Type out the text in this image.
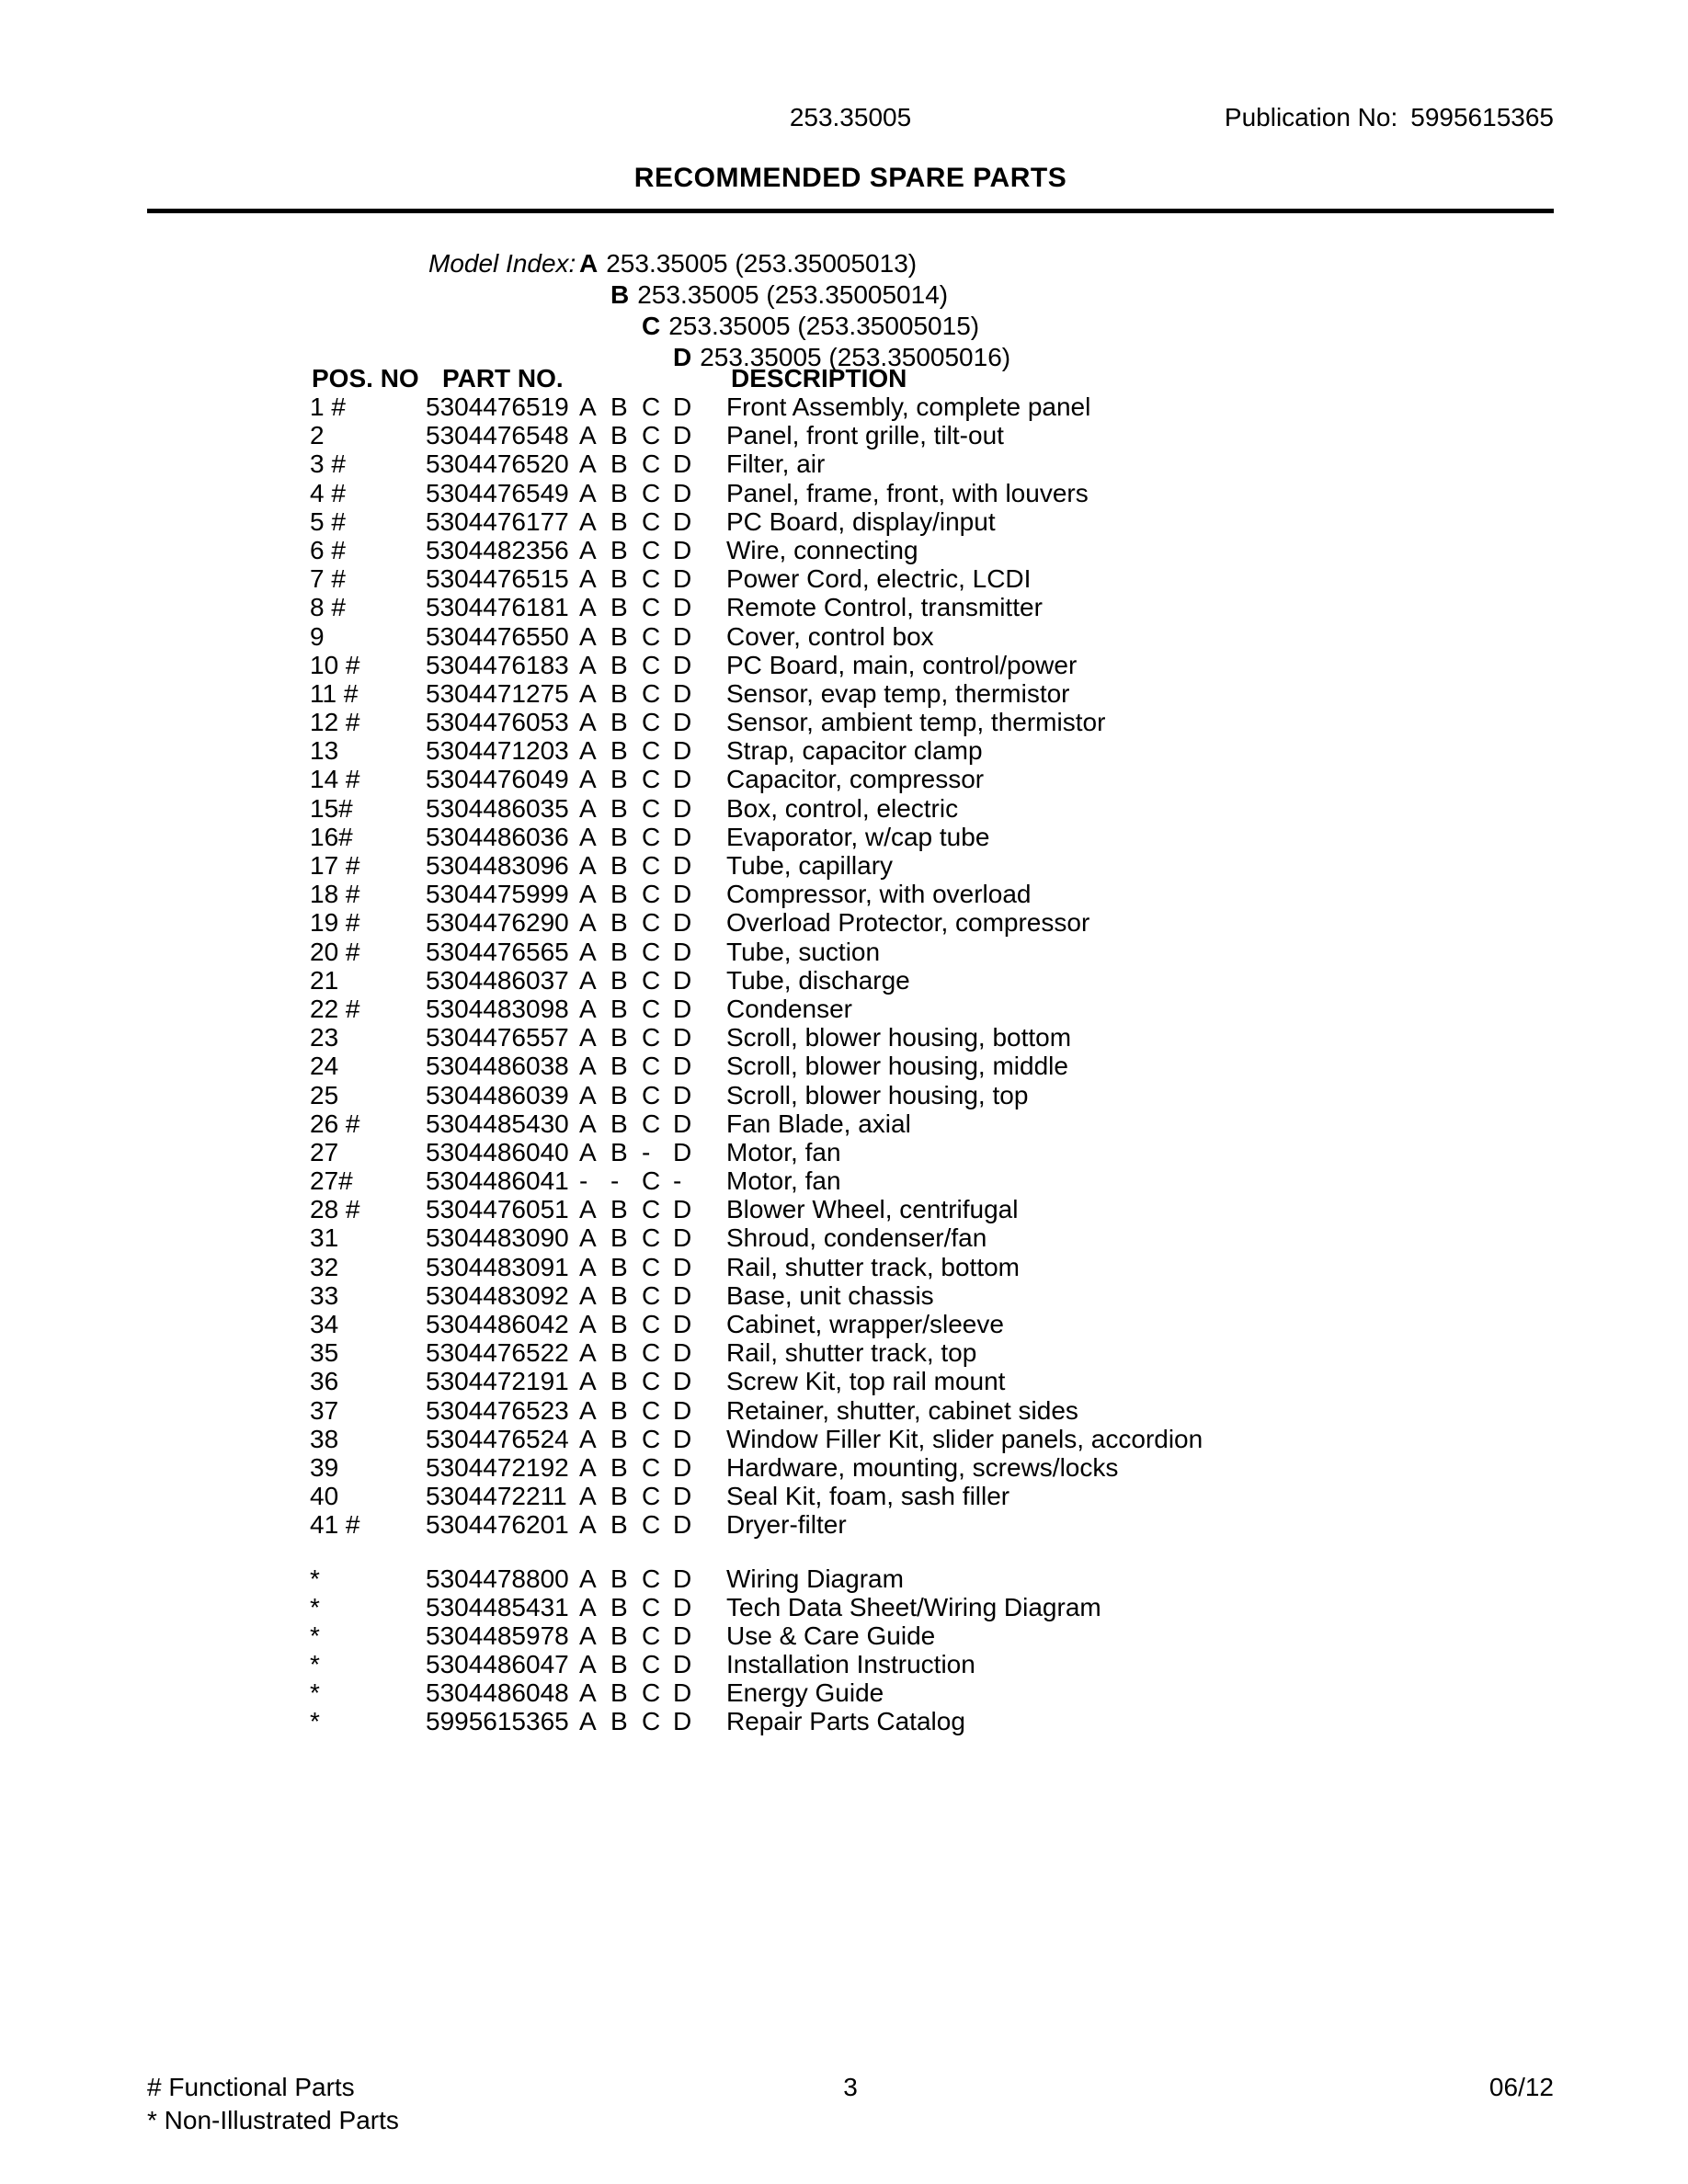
253.35005	Publication No: 5995615365
RECOMMENDED SPARE PARTS
Model Index: A 253.35005 (253.35005013)
B 253.35005 (253.35005014)
C 253.35005 (253.35005015)
D 253.35005 (253.35005016)
POS. NO PART NO.	DESCRIPTION
1 #	5304476519 A B C D	Front Assembly, complete panel
2	5304476548 A B C D	Panel, front grille, tilt-out
3 #	5304476520 A B C D	Filter, air
4 #	5304476549 A B C D	Panel, frame, front, with louvers
5 #	5304476177 A B C D	PC Board, display/input
6 #	5304482356 A B C D	Wire, connecting
7 #	5304476515 A B C D	Power Cord, electric, LCDI
8 #	5304476181 A B C D	Remote Control, transmitter
9	5304476550 A B C D	Cover, control box
10 #	5304476183 A B C D	PC Board, main, control/power
11 #	5304471275 A B C D	Sensor, evap temp, thermistor
12 #	5304476053 A B C D	Sensor, ambient temp, thermistor
13	5304471203 A B C D	Strap, capacitor clamp
14 #	5304476049 A B C D	Capacitor, compressor
15#	5304486035 A B C D	Box, control, electric
16#	5304486036 A B C D	Evaporator, w/cap tube
17 #	5304483096 A B C D	Tube, capillary
18 #	5304475999 A B C D	Compressor, with overload
19 #	5304476290 A B C D	Overload Protector, compressor
20 #	5304476565 A B C D	Tube, suction
21	5304486037 A B C D	Tube, discharge
22 #	5304483098 A B C D	Condenser
23	5304476557 A B C D	Scroll, blower housing, bottom
24	5304486038 A B C D	Scroll, blower housing, middle
25	5304486039 A B C D	Scroll, blower housing, top
26 #	5304485430 A B C D	Fan Blade, axial
27	5304486040 A B - D	Motor, fan
27#	5304486041 - - C -	Motor, fan
28 #	5304476051 A B C D	Blower Wheel, centrifugal
31	5304483090 A B C D	Shroud, condenser/fan
32	5304483091 A B C D	Rail, shutter track, bottom
33	5304483092 A B C D	Base, unit chassis
34	5304486042 A B C D	Cabinet, wrapper/sleeve
35	5304476522 A B C D	Rail, shutter track, top
36	5304472191 A B C D	Screw Kit, top rail mount
37	5304476523 A B C D	Retainer, shutter, cabinet sides
38	5304476524 A B C D	Window Filler Kit, slider panels, accordion
39	5304472192 A B C D	Hardware, mounting, screws/locks
40	5304472211 A B C D	Seal Kit, foam, sash filler
41 #	5304476201 A B C D	Dryer-filter
*	5304478800 A B C D	Wiring Diagram
*	5304485431 A B C D	Tech Data Sheet/Wiring Diagram
*	5304485978 A B C D	Use & Care Guide
*	5304486047 A B C D	Installation Instruction
*	5304486048 A B C D	Energy Guide
*	5995615365 A B C D	Repair Parts Catalog
# Functional Parts
* Non-Illustrated Parts
3	06/12
